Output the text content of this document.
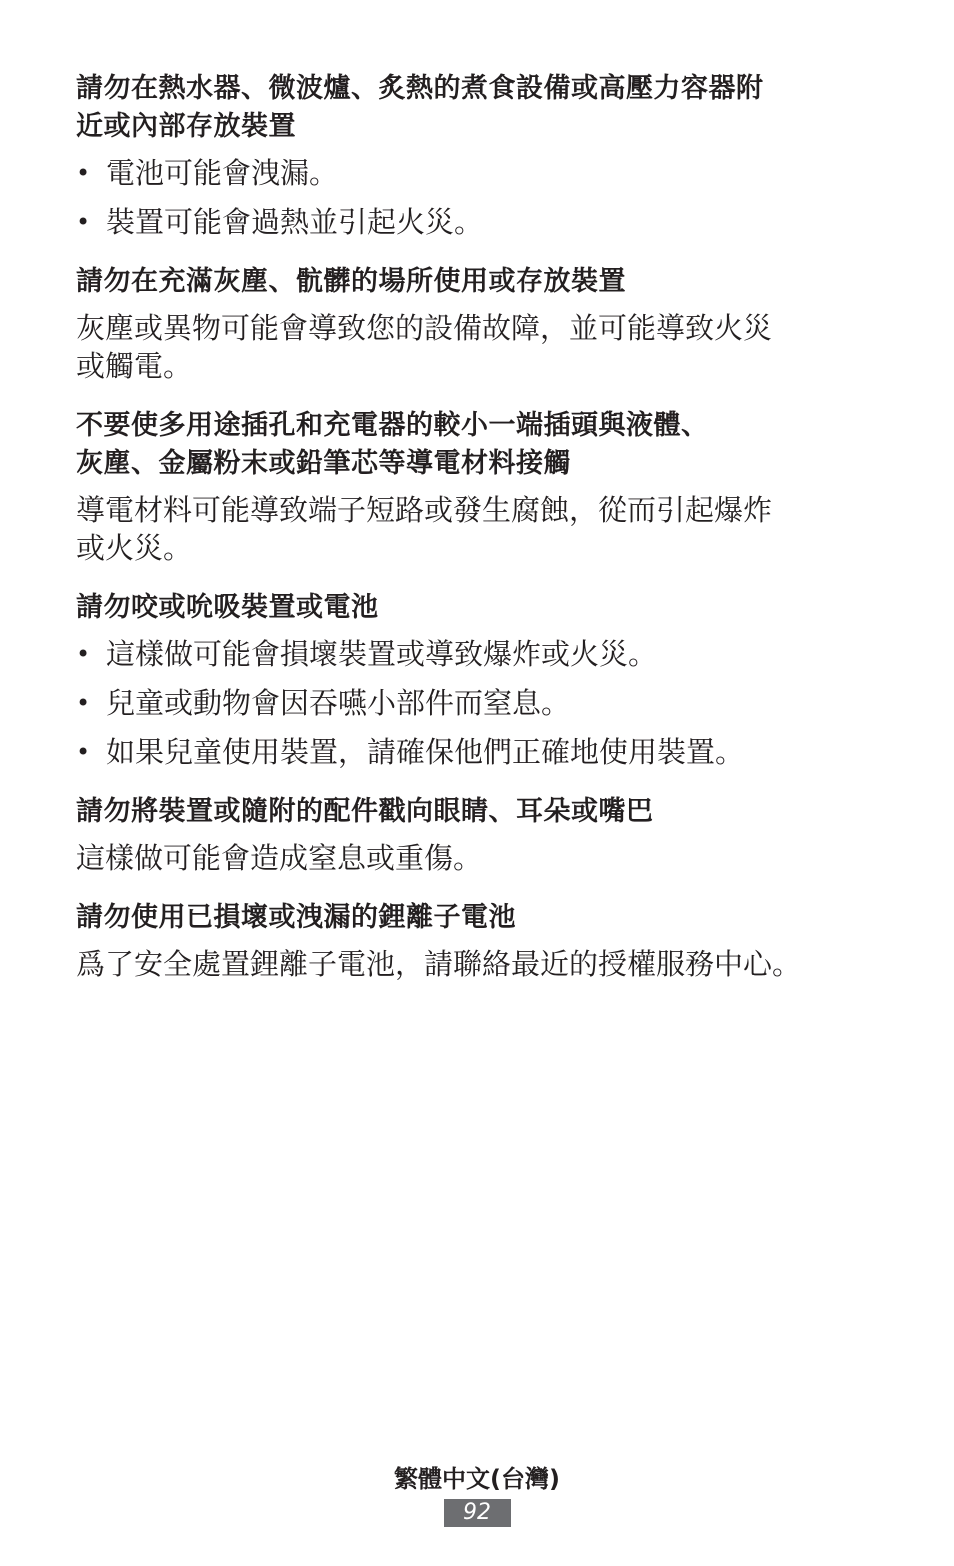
請勿在熱水器、微波爐、炙熱的煮食設備或高壓力容器附
近或內部存放裝置
• 電池可能會洩漏。
• 裝置可能會過熱並引起火災。
請勿在充滿灰塵、骯髒的場所使用或存放裝置

灰塵或異物可能會導致您的設備故障，並可能導致火災
或觸電。

不要使多用途插孔和充電器的較小一端插頭與液體、
灰塵、金屬粉末或鉛筆芯等導電材料接觸

導電材料可能導致端子短路或發生腐蝕，從而引起爆炸
或火災。

請勿咬或吮吸裝置或電池
• 這樣做可能會損壞裝置或導致爆炸或火災。
• 兒童或動物會因吞嚥小部件而窒息。
• 如果兒童使用裝置，請確保他們正確地使用裝置。
請勿將裝置或隨附的配件戳向眼睛、耳朵或嘴巴

這樣做可能會造成窒息或重傷。

請勿使用已損壞或洩漏的鋰離子電池

爲了安全處置鋰離子電池，請聯絡最近的授權服務中心。

繁體中文(台灣)
92
